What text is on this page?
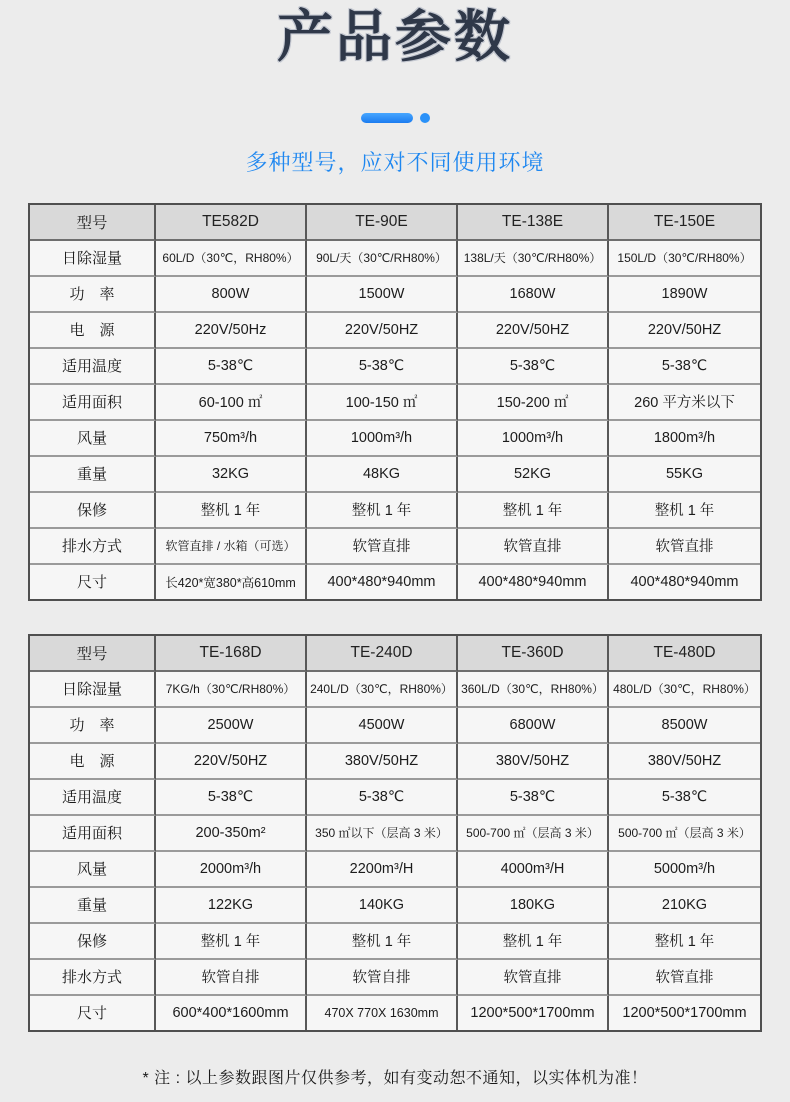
产品参数
多种型号，应对不同使用环境
型号	TE582D	TE-90E	TE-138E	TE-150E
日除湿量	60L/D（30℃，RH80%）	90L/天（30℃/RH80%）	138L/天（30℃/RH80%）	150L/D（30℃/RH80%）
功　率	800W	1500W	1680W	1890W
电　源	220V/50Hz	220V/50HZ	220V/50HZ	220V/50HZ
适用温度	5-38℃	5-38℃	5-38℃	5-38℃
适用面积	60-100 ㎡	100-150 ㎡	150-200 ㎡	260 平方米以下
风量	750m³/h	1000m³/h	1000m³/h	1800m³/h
重量	32KG	48KG	52KG	55KG
保修	整机 1 年	整机 1 年	整机 1 年	整机 1 年
排水方式	软管直排 / 水箱（可选）	软管直排	软管直排	软管直排
尺寸	长420*宽380*高610mm	400*480*940mm	400*480*940mm	400*480*940mm
型号	TE-168D	TE-240D	TE-360D	TE-480D
日除湿量	7KG/h（30℃/RH80%）	240L/D（30℃，RH80%）	360L/D（30℃，RH80%）	480L/D（30℃，RH80%）
功　率	2500W	4500W	6800W	8500W
电　源	220V/50HZ	380V/50HZ	380V/50HZ	380V/50HZ
适用温度	5-38℃	5-38℃	5-38℃	5-38℃
适用面积	200-350m²	350 ㎡以下（层高 3 米）	500-700 ㎡（层高 3 米）	500-700 ㎡（层高 3 米）
风量	2000m³/h	2200m³/H	4000m³/H	5000m³/h
重量	122KG	140KG	180KG	210KG
保修	整机 1 年	整机 1 年	整机 1 年	整机 1 年
排水方式	软管自排	软管自排	软管直排	软管直排
尺寸	600*400*1600mm	470X 770X 1630mm	1200*500*1700mm	1200*500*1700mm
* 注 : 以上参数跟图片仅供参考，如有变动恕不通知，以实体机为准！
